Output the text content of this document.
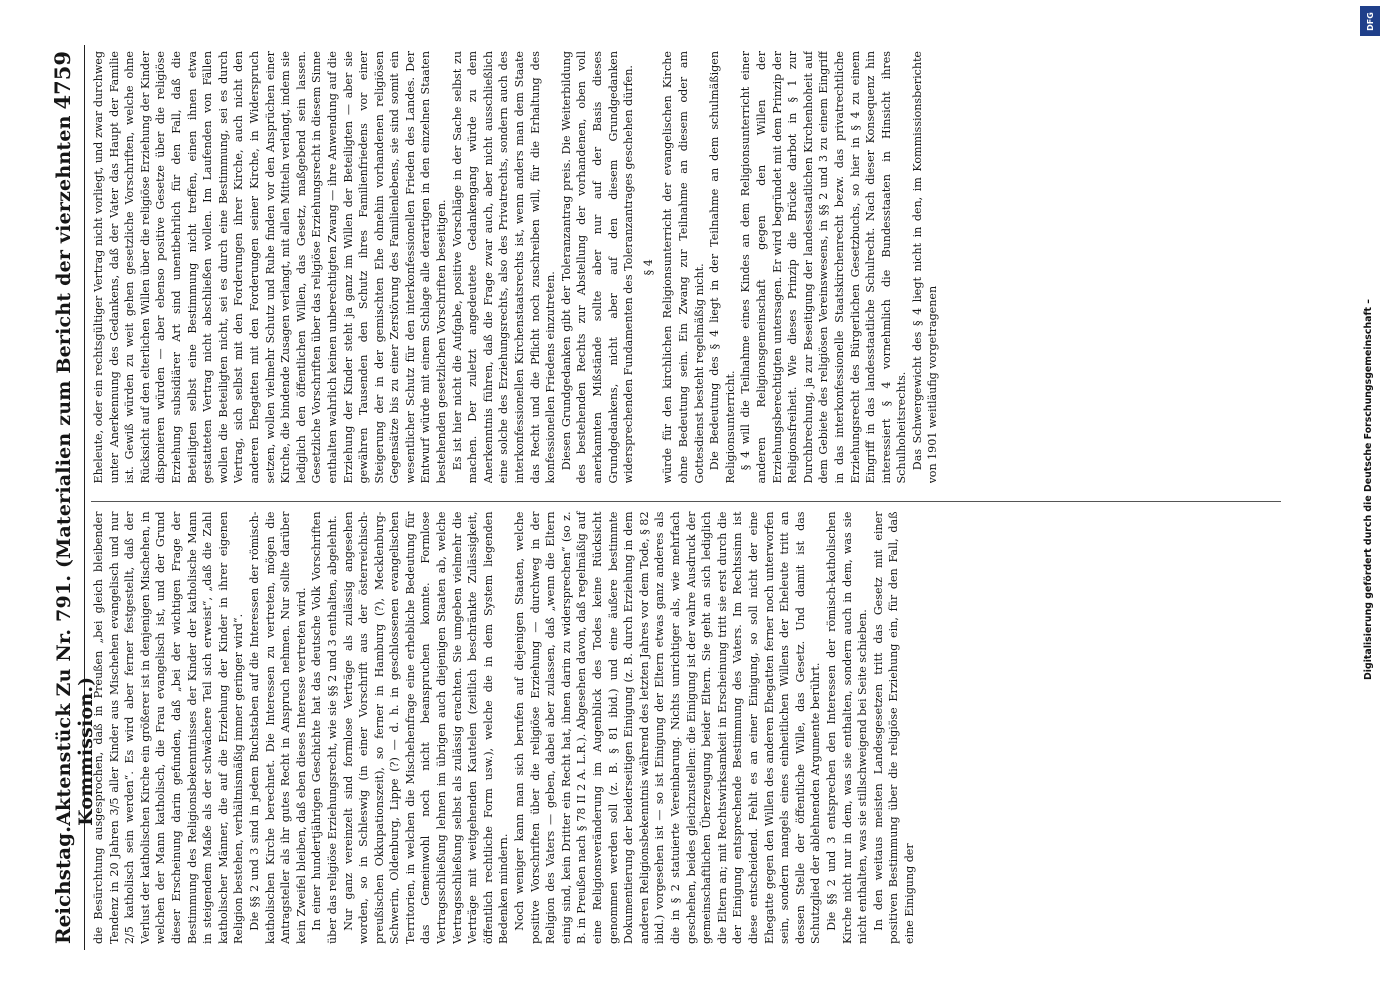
Reichstag.
Aktenstück Zu Nr. 791. (Materialien zum Bericht der vierzehnten Kommission.)
4759

die Besürchtung ausgesprochen, daß in Preußen „bei gleich bleibender Tendenz in 20 Jahren 3/5 aller Kinder aus Mischehen evangelisch und nur 2/5 katholisch sein werden“. Es wird aber ferner festgestellt, daß der Verlust der katholischen Kirche ein größerer ist in denjenigen Mischehen, in welchen der Mann katholisch, die Frau evangelisch ist, und der Grund dieser Erscheinung darin gefunden, daß „bei der wichtigen Frage der Bestimmung des Religionsbekenntnisses der Kinder der katholische Mann in steigendem Maße als der schwächere Teil sich erweist“, „daß die Zahl katholischer Männer, die auf die Erziehung der Kinder in ihrer eigenen Religion bestehen, verhältnismäßig immer geringer wird“. Die §§ 2 und 3 sind in jedem Buchstaben auf die Interessen der römisch-katholischen Kirche berechnet. Die Interessen zu vertreten, mögen die Antragsteller als ihr gutes Recht in Anspruch nehmen. Nur sollte darüber kein Zweifel bleiben, daß eben dieses Interesse vertreten wird. In einer hundertjährigen Geschichte hat das deutsche Volk Vorschriften über das religiöse Erziehungsrecht, wie sie §§ 2 und 3 enthalten, abgelehnt. Nur ganz vereinzelt sind formlose Verträge als zulässig angesehen worden, so in Schleswig (in einer Vorschrift aus der österreichisch-preußischen Okkupationszeit), so ferner in Hamburg (?), Mecklenburg-Schwerin, Oldenburg, Lippe (?) — d. h. in geschlossenen evangelischen Territorien, in welchen die Mischehenfrage eine erhebliche Bedeutung für das Gemeinwohl noch nicht beanspruchen konnte. Formlose Vertragsschließung lehnen im übrigen auch diejenigen Staaten ab, welche Vertragsschließung selbst als zulässig erachten. Sie umgeben vielmehr die Verträge mit weitgehenden Kautelen (zeitlich beschränkte Zulässigkeit, öffentlich rechtliche Form usw.), welche die in dem System liegenden Bedenken mindern. Noch weniger kann man sich berufen auf diejenigen Staaten, welche positive Vorschriften über die religiöse Erziehung — durchweg in der Religion des Vaters — geben, dabei aber zulassen, daß „wenn die Eltern einig sind, kein Dritter ein Recht hat, ihnen darin zu widersprechen“ (so z. B. in Preußen nach § 78 II 2 A. L.R.). Abgesehen davon, daß regelmäßig auf eine Religionsveränderung im Augenblick des Todes keine Rücksicht genommen werden soll (z. B. § 81 ibid.) und eine äußere bestimmte Dokumentierung der beiderseitigen Einigung (z. B. durch Erziehung in dem anderen Religionsbekenntnis während des letzten Jahres vor dem Tode, § 82 ibid.) vorgesehen ist — so ist Einigung der Eltern etwas ganz anderes als die in § 2 statuierte Vereinbarung. Nichts unrichtiger als, wie mehrfach geschehen, beides gleichzustellen: die Einigung ist der wahre Ausdruck der gemeinschaftlichen Überzeugung beider Eltern. Sie geht an sich lediglich die Eltern an; mit Rechtswirksamkeit in Erscheinung tritt sie erst durch die der Einigung entsprechende Bestimmung des Vaters. Im Rechtssinn ist diese entscheidend. Fehlt es an einer Einigung, so soll nicht der eine Ehegatte gegen den Willen des anderen Ehegatten ferner noch unterworfen sein, sondern mangels eines einheitlichen Willens der Eheleute tritt an dessen Stelle der öffentliche Wille, das Gesetz. Und damit ist das Schutzglied der ablehnenden Argumente berührt. Die §§ 2 und 3 entsprechen den Interessen der römisch-katholischen Kirche nicht nur in dem, was sie enthalten, sondern auch in dem, was sie nicht enthalten, was sie stillschweigend bei Seite schieben. In den weitaus meisten Landesgesetzen tritt das Gesetz mit einer positiven Bestimmung über die religiöse Erziehung ein, für den Fall, daß eine Einigung der

Eheleute, oder ein rechtsgültiger Vertrag nicht vorliegt, und zwar durchweg unter Anerkennung des Gedankens, daß der Vater das Haupt der Familie ist. Gewiß würden zu weit gehen gesetzliche Vorschriften, welche ohne Rücksicht auf den elterlichen Willen über die religiöse Erziehung der Kinder disponieren würden — aber ebenso positive Gesetze über die religiöse Erziehung subsidiärer Art sind unentbehrlich für den Fall, daß die Beteiligten selbst eine Bestimmung nicht treffen, einen ihnen etwa gestatteten Vertrag nicht abschließen wollen. Im Laufenden von Fällen wollen die Beteiligten nicht, sei es durch eine Bestimmung, sei es durch Vertrag, sich selbst mit den Forderungen ihrer Kirche, auch nicht den anderen Ehegatten mit den Forderungen seiner Kirche, in Widerspruch setzen, wollen vielmehr Schutz und Ruhe finden vor den Ansprüchen einer Kirche, die bindende Zusagen verlangt, mit allen Mitteln verlangt, indem sie lediglich den öffentlichen Willen, das Gesetz, maßgebend sein lassen. Gesetzliche Vorschriften über das religiöse Erziehungsrecht in diesem Sinne enthalten wahrlich keinen unberechtigten Zwang — ihre Anwendung auf die Erziehung der Kinder steht ja ganz im Willen der Beteiligten — aber sie gewähren Tausenden den Schutz ihres Familienfriedens vor einer Steigerung der in der gemischten Ehe ohnehin vorhandenen religiösen Gegensätze bis zu einer Zerstörung des Familienlebens, sie sind somit ein wesentlicher Schutz für den interkonfessionellen Frieden des Landes. Der Entwurf würde mit einem Schlage alle derartigen in den einzelnen Staaten bestehenden gesetzlichen Vorschriften beseitigen. Es ist hier nicht die Aufgabe, positive Vorschläge in der Sache selbst zu machen. Der zuletzt angedeutete Gedankengang würde zu dem Anerkenntnis führen, daß die Frage zwar auch, aber nicht ausschließlich eine solche des Erziehungsrechts, also des Privatrechts, sondern auch des interkonfessionellen Kirchenstaatsrechts ist, wenn anders man dem Staate das Recht und die Pflicht noch zuschreiben will, für die Erhaltung des konfessionellen Friedens einzutreten. Diesen Grundgedanken gibt der Toleranzantrag preis. Die Weiterbildung des bestehenden Rechts zur Abstellung der vorhandenen, oben voll anerkannten Mißstände sollte aber nur auf der Basis dieses Grundgedankens, nicht aber auf den diesem Grundgedanken widersprechenden Fundamenten des Toleranzantrages geschehen dürfen. § 4 würde für den kirchlichen Religionsunterricht der evangelischen Kirche ohne Bedeutung sein. Ein Zwang zur Teilnahme an diesem oder am Gottesdienst besteht regelmäßig nicht. Die Bedeutung des § 4 liegt in der Teilnahme an dem schulmäßigen Religionsunterricht. § 4 will die Teilnahme eines Kindes an dem Religionsunterricht einer anderen Religionsgemeinschaft gegen den Willen der Erziehungsberechtigten untersagen. Er wird begründet mit dem Prinzip der Religionsfreiheit. Wie dieses Prinzip die Brücke darbot in § 1 zur Durchbrechung, ja zur Beseitigung der landesstaatlichen Kirchenhoheit auf dem Gebiete des religiösen Vereinswesens, in §§ 2 und 3 zu einem Eingriff in das interkonfessionelle Staatskirchenrecht bezw. das privatrechtliche Erziehungsrecht des Bürgerlichen Gesetzbuchs, so hier in § 4 zu einem Eingriff in das landesstaatliche Schulrecht. Nach dieser Konsequenz hin interessiert § 4 vornehmlich die Bundesstaaten in Hinsicht ihres Schulhoheitsrechts. Das Schwergewicht des § 4 liegt nicht in den, im Kommissionsberichte von 1901 weitläufig vorgetragenen

DFG
Digitalisierung gefördert durch die Deutsche Forschungsgemeinschaft –
